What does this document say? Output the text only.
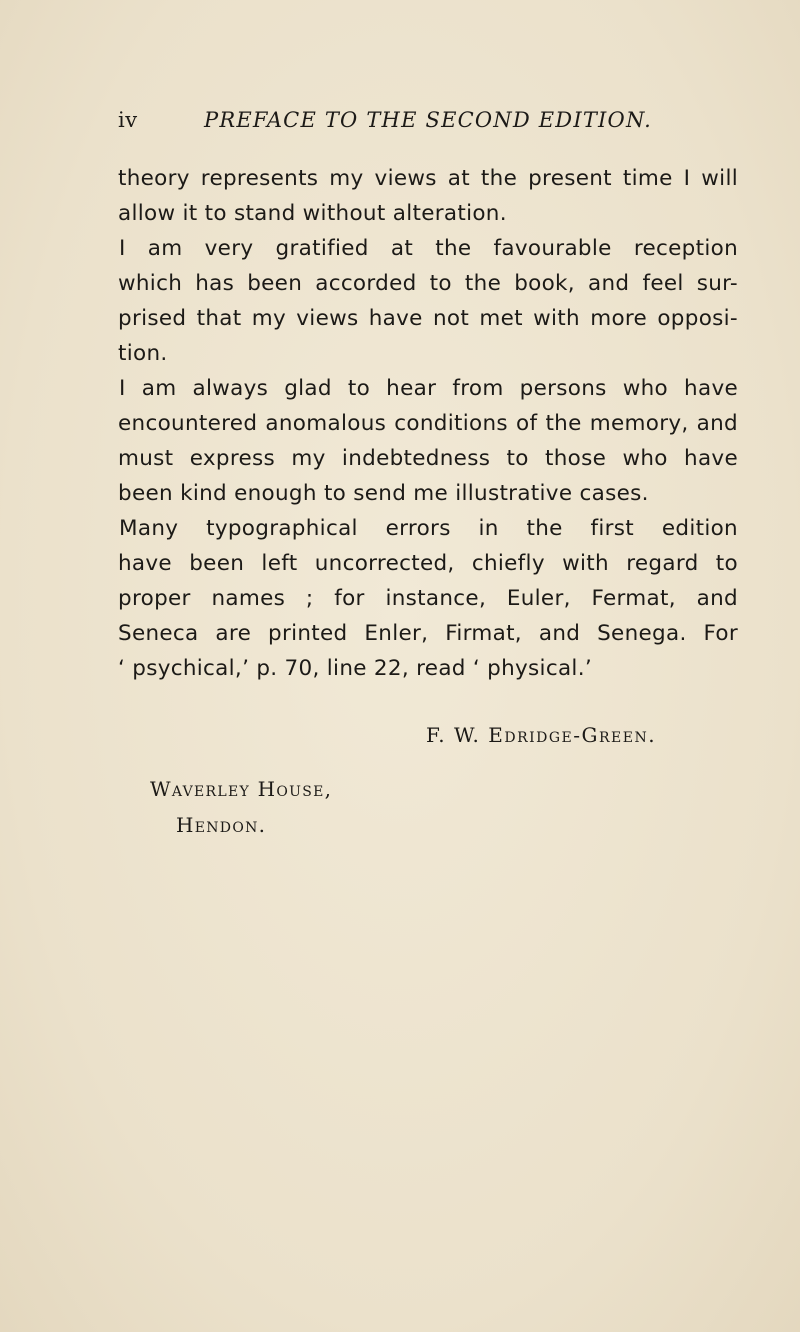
iv	PREFACE TO THE SECOND EDITION.
theory represents my views at the present time I will
allow it to stand without alteration.
I am very gratified at the favourable reception
which has been accorded to the book, and feel sur-
prised that my views have not met with more opposi-
tion.
I am always glad to hear from persons who have
encountered anomalous conditions of the memory, and
must express my indebtedness to those who have
been kind enough to send me illustrative cases.
Many typographical errors in the first edition
have been left uncorrected, chiefly with regard to
proper names ; for instance, Euler, Fermat, and
Seneca are printed Enler, Firmat, and Senega. For
‘ psychical,’ p. 70, line 22, read ‘ physical.’
F. W. Edridge-Green.
Waverley House,
Hendon.
